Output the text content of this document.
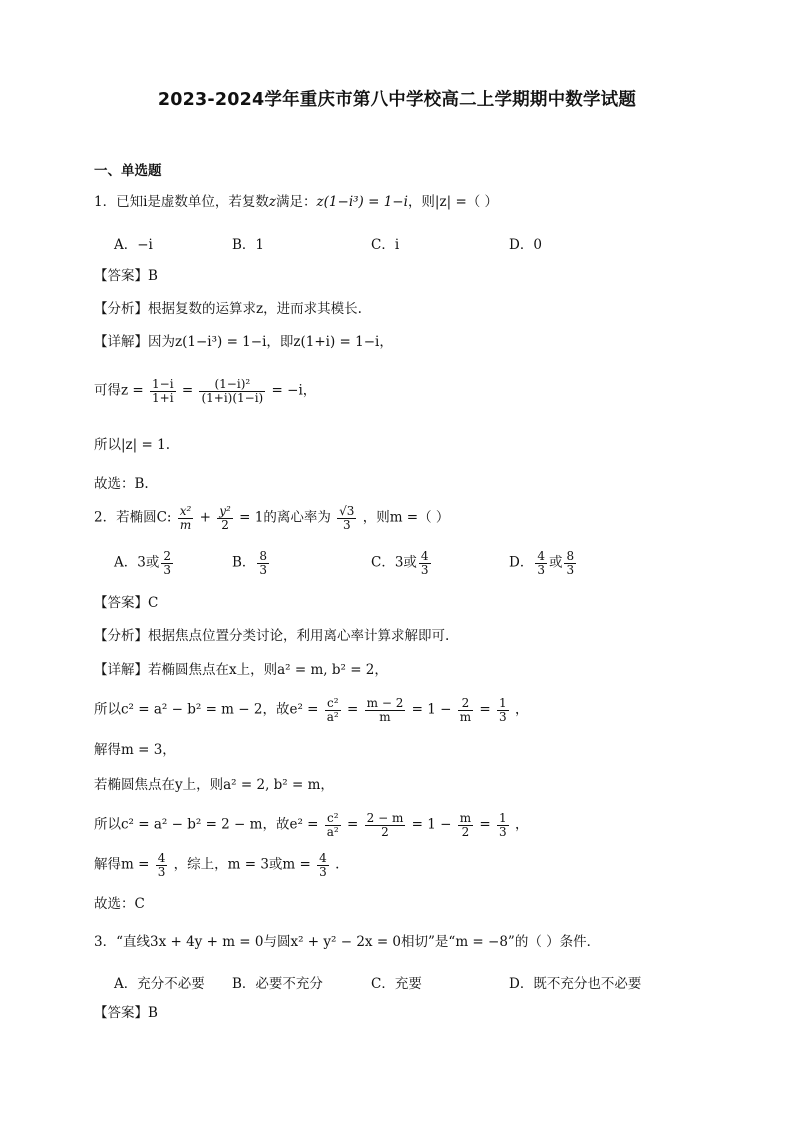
2023-2024学年重庆市第八中学校高二上学期期中数学试题
一、单选题
1．已知i是虚数单位，若复数z满足：z(1−i³) = 1−i，则|z| =（ ）
A．−i	B．1	C．i	D．0
【答案】B
【分析】根据复数的运算求z，进而求其模长.
【详解】因为z(1−i³) = 1−i，即z(1+i) = 1−i，
可得$z = \frac{1-i}{1+i} = \frac{\text{(1−i)²}}{(1+i)(1-i)} = -i$，
所以|z| = 1.
故选：B.
2．若椭圆C: $\frac{\text{x²}}{m} + \frac{\text{y²}}{2} = 1$的离心率为 $\frac{√3}{3}$ ，则m =（ ）
A．3或 $\frac{2}{3}$	B． $\frac{8}{3}$	C．3或 $\frac{4}{3}$	D． $\frac{4}{3}$ 或 $\frac{8}{3}$
【答案】C
【分析】根据焦点位置分类讨论，利用离心率计算求解即可.
【详解】若椭圆焦点在x上，则a² = m, b² = 2，
所以c² = a² − b² = m − 2，故$e^2 = \frac{\text{c²}}{\text{a²}} = \frac{m - 2}{m} = 1 - \frac{2}{m} = \frac{1}{3}$ ，
解得m = 3，
若椭圆焦点在y上，则a² = 2, b² = m，
所以c² = a² − b² = 2 − m，故$e^2 = \frac{\text{c²}}{\text{a²}} = \frac{2 - m}{2} = 1 - \frac{m}{2} = \frac{1}{3}$ ，
解得$m = \frac{4}{3}$ ，综上，m = 3或$m = \frac{4}{3}$ .
故选：C
3．“直线3x + 4y + m = 0与圆x² + y² − 2x = 0相切”是“m = −8”的（ ）条件．
A．充分不必要 B．必要不充分	C．充要	D．既不充分也不必要
【答案】B
